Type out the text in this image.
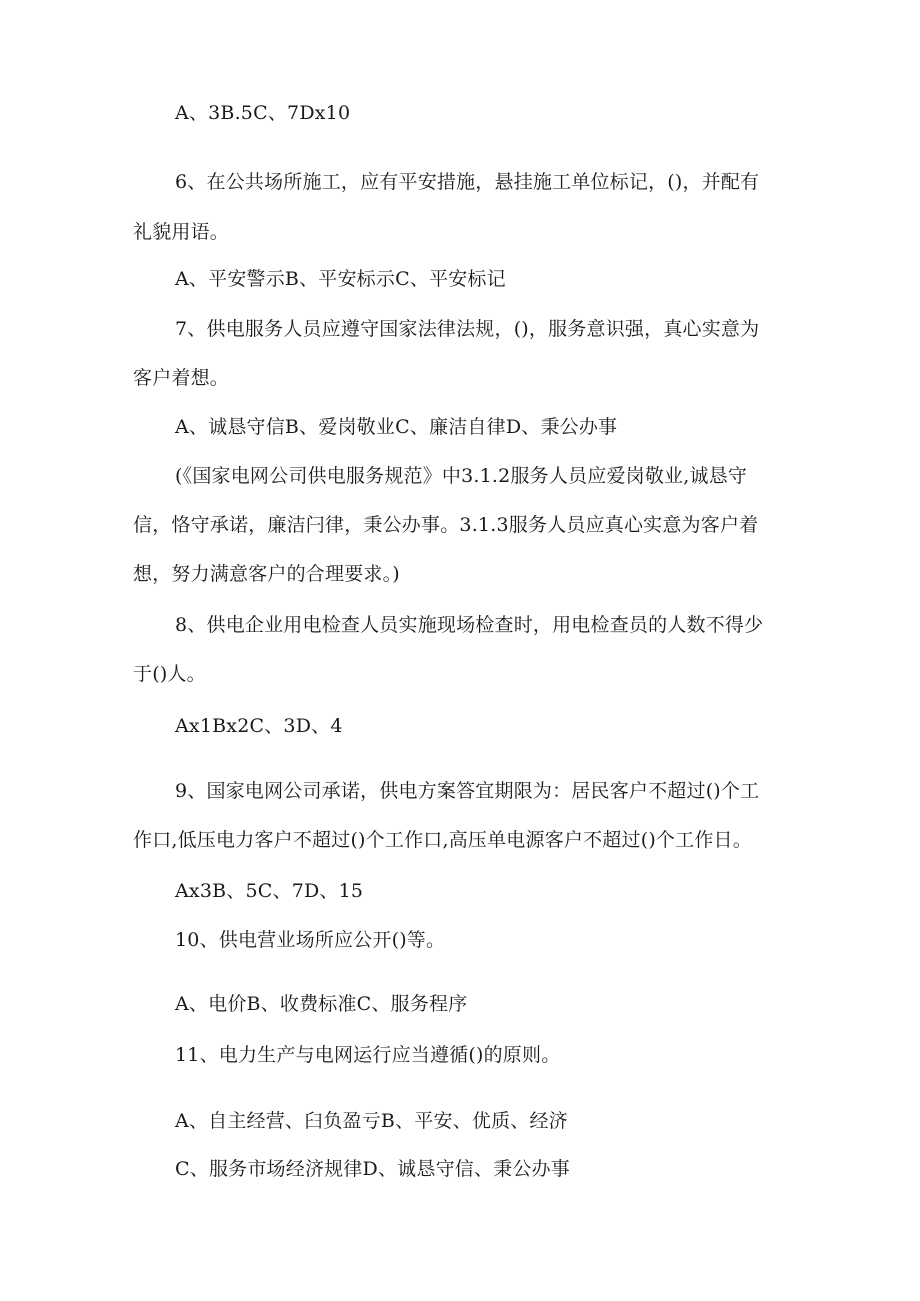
A、3B.5C、7Dx10
6、在公共场所施工，应有平安措施，悬挂施工单位标记，()，并配有
礼貌用语。
A、平安警示B、平安标示C、平安标记
7、供电服务人员应遵守国家法律法规，()，服务意识强，真心实意为
客户着想。
A、诚恳守信B、爱岗敬业C、廉洁自律D、秉公办事
(《国家电网公司供电服务规范》中3.1.2服务人员应爱岗敬业,诚恳守
信，恪守承诺，廉洁闩律，秉公办事。3.1.3服务人员应真心实意为客户着
想，努力满意客户的合理要求。)
8、供电企业用电检查人员实施现场检查时，用电检查员的人数不得少
于()人。
Ax1Bx2C、3D、4
9、国家电网公司承诺，供电方案答宜期限为：居民客户不超过()个工
作口,低压电力客户不超过()个工作口,高压单电源客户不超过()个工作日。
Ax3B、5C、7D、15
10、供电营业场所应公开()等。
A、电价B、收费标准C、服务程序
11、电力生产与电网运行应当遵循()的原则。
A、自主经营、臼负盈亏B、平安、优质、经济
C、服务市场经济规律D、诚恳守信、秉公办事
